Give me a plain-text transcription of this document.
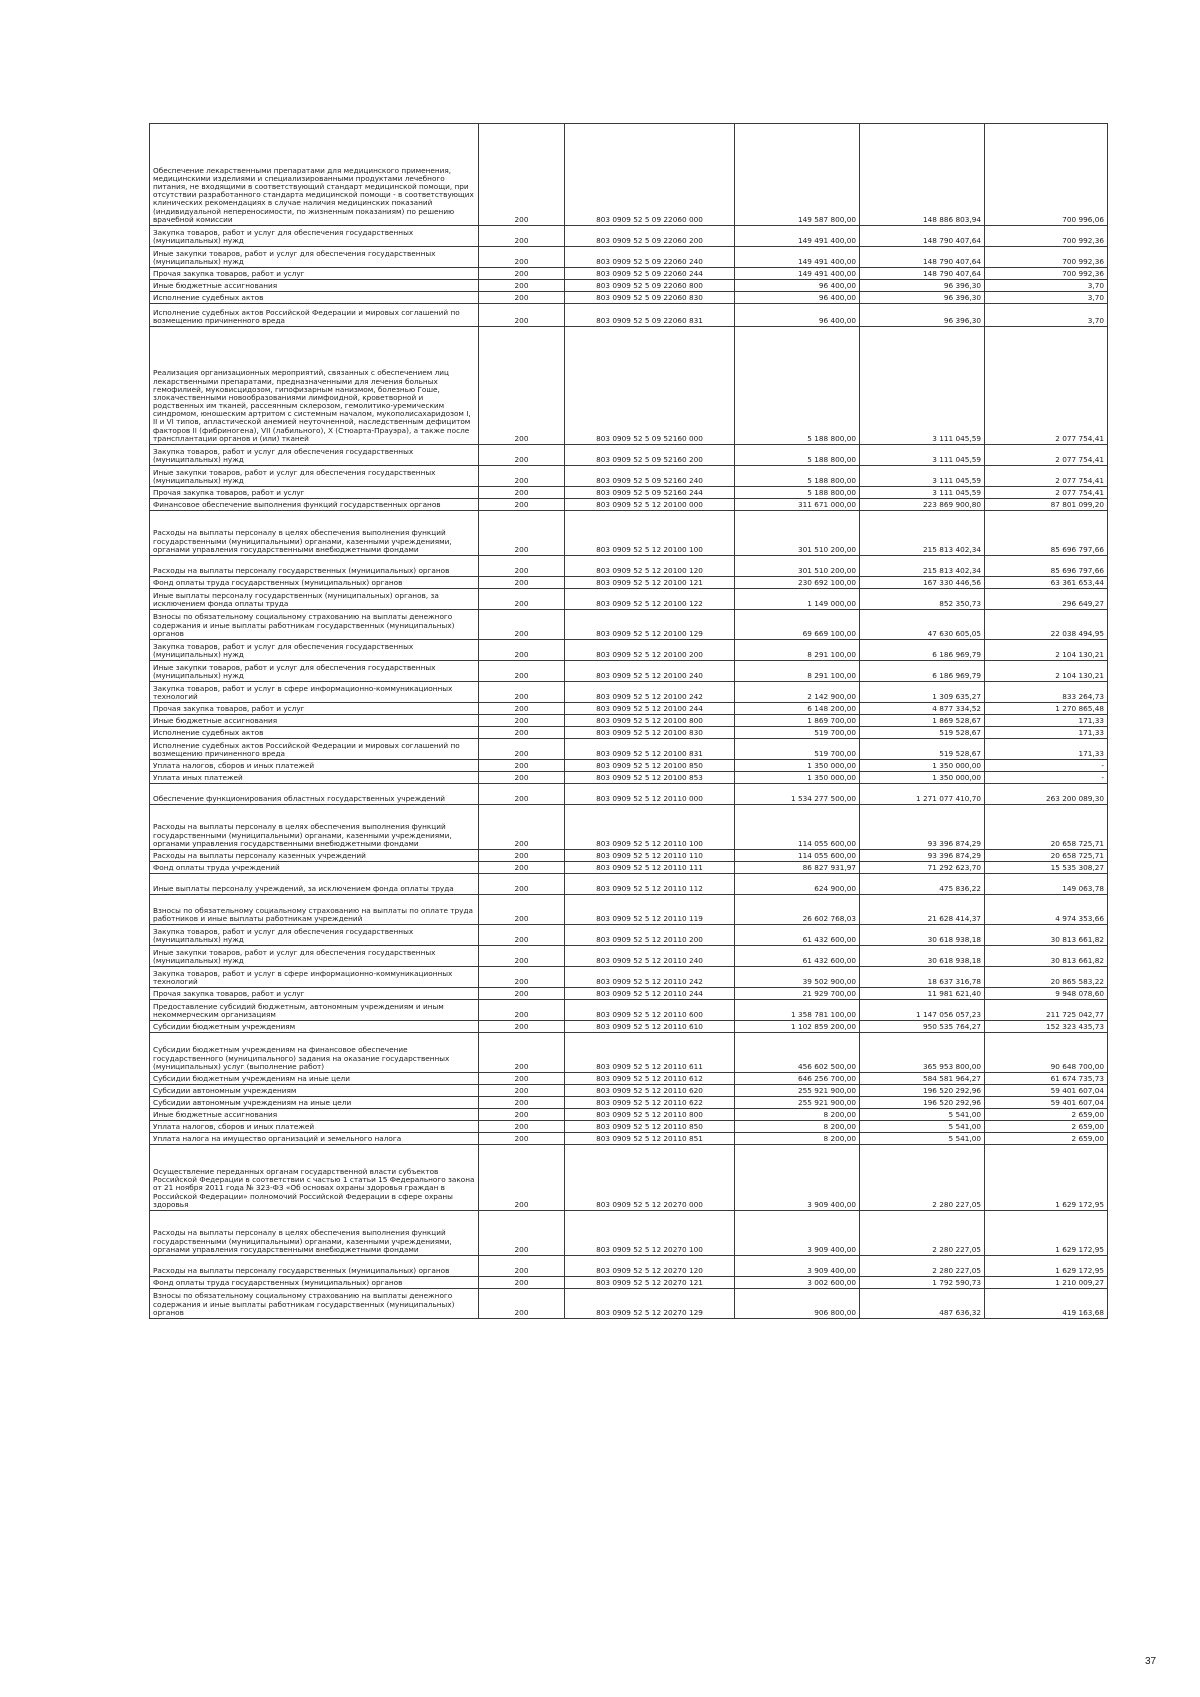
Обеспечение лекарственными препаратами для медицинского применения, медицинскими изделиями и специализированными продуктами лечебного питания, не входящими в соответствующий стандарт медицинской помощи, при отсутствии разработанного стандарта медицинской помощи - в соответствующих клинических рекомендациях в случае наличия медицинских показаний (индивидуальной непереносимости, по жизненным показаниям) по решению врачебной комиссии	200	803 0909 52 5 09 22060 000	149 587 800,00	148 886 803,94	700 996,06
Закупка товаров, работ и услуг для обеспечения государственных (муниципальных) нужд	200	803 0909 52 5 09 22060 200	149 491 400,00	148 790 407,64	700 992,36
Иные закупки товаров, работ и услуг для обеспечения государственных (муниципальных) нужд	200	803 0909 52 5 09 22060 240	149 491 400,00	148 790 407,64	700 992,36
Прочая закупка товаров, работ и услуг	200	803 0909 52 5 09 22060 244	149 491 400,00	148 790 407,64	700 992,36
Иные бюджетные ассигнования	200	803 0909 52 5 09 22060 800	96 400,00	96 396,30	3,70
Исполнение судебных актов	200	803 0909 52 5 09 22060 830	96 400,00	96 396,30	3,70
Исполнение судебных актов Российской Федерации и мировых соглашений по возмещению причиненного вреда	200	803 0909 52 5 09 22060 831	96 400,00	96 396,30	3,70
Реализация организационных мероприятий, связанных с обеспечением лиц лекарственными препаратами, предназначенными для лечения больных гемофилией, муковисцидозом, гипофизарным нанизмом, болезнью Гоше, злокачественными новообразованиями лимфоидной, кроветворной и родственных им тканей, рассеянным склерозом, гемолитико-уремическим синдромом, юношеским артритом с системным началом, мукополисахаридозом I, II и VI типов, апластической анемией неуточненной, наследственным дефицитом факторов II (фибриногена), VII (лабильного), X (Стюарта-Прауэра), а также после трансплантации органов и (или) тканей	200	803 0909 52 5 09 52160 000	5 188 800,00	3 111 045,59	2 077 754,41
Закупка товаров, работ и услуг для обеспечения государственных (муниципальных) нужд	200	803 0909 52 5 09 52160 200	5 188 800,00	3 111 045,59	2 077 754,41
Иные закупки товаров, работ и услуг для обеспечения государственных (муниципальных) нужд	200	803 0909 52 5 09 52160 240	5 188 800,00	3 111 045,59	2 077 754,41
Прочая закупка товаров, работ и услуг	200	803 0909 52 5 09 52160 244	5 188 800,00	3 111 045,59	2 077 754,41
Финансовое обеспечение выполнения функций государственных органов	200	803 0909 52 5 12 20100 000	311 671 000,00	223 869 900,80	87 801 099,20
Расходы на выплаты персоналу в целях обеспечения выполнения функций государственными (муниципальными) органами, казенными учреждениями, органами управления государственными внебюджетными фондами	200	803 0909 52 5 12 20100 100	301 510 200,00	215 813 402,34	85 696 797,66
Расходы на выплаты персоналу государственных (муниципальных) органов	200	803 0909 52 5 12 20100 120	301 510 200,00	215 813 402,34	85 696 797,66
Фонд оплаты труда государственных (муниципальных) органов	200	803 0909 52 5 12 20100 121	230 692 100,00	167 330 446,56	63 361 653,44
Иные выплаты персоналу государственных (муниципальных) органов, за исключением фонда оплаты труда	200	803 0909 52 5 12 20100 122	1 149 000,00	852 350,73	296 649,27
Взносы по обязательному социальному страхованию на выплаты денежного содержания и иные выплаты работникам государственных (муниципальных) органов	200	803 0909 52 5 12 20100 129	69 669 100,00	47 630 605,05	22 038 494,95
Закупка товаров, работ и услуг для обеспечения государственных (муниципальных) нужд	200	803 0909 52 5 12 20100 200	8 291 100,00	6 186 969,79	2 104 130,21
Иные закупки товаров, работ и услуг для обеспечения государственных (муниципальных) нужд	200	803 0909 52 5 12 20100 240	8 291 100,00	6 186 969,79	2 104 130,21
Закупка товаров, работ и услуг в сфере информационно-коммуникационных технологий	200	803 0909 52 5 12 20100 242	2 142 900,00	1 309 635,27	833 264,73
Прочая закупка товаров, работ и услуг	200	803 0909 52 5 12 20100 244	6 148 200,00	4 877 334,52	1 270 865,48
Иные бюджетные ассигнования	200	803 0909 52 5 12 20100 800	1 869 700,00	1 869 528,67	171,33
Исполнение судебных актов	200	803 0909 52 5 12 20100 830	519 700,00	519 528,67	171,33
Исполнение судебных актов Российской Федерации и мировых соглашений по возмещению причиненного вреда	200	803 0909 52 5 12 20100 831	519 700,00	519 528,67	171,33
Уплата налогов, сборов и иных платежей	200	803 0909 52 5 12 20100 850	1 350 000,00	1 350 000,00	-
Уплата иных платежей	200	803 0909 52 5 12 20100 853	1 350 000,00	1 350 000,00	-
Обеспечение функционирования областных государственных учреждений	200	803 0909 52 5 12 20110 000	1 534 277 500,00	1 271 077 410,70	263 200 089,30
Расходы на выплаты персоналу в целях обеспечения выполнения функций государственными (муниципальными) органами, казенными учреждениями, органами управления государственными внебюджетными фондами	200	803 0909 52 5 12 20110 100	114 055 600,00	93 396 874,29	20 658 725,71
Расходы на выплаты персоналу казенных учреждений	200	803 0909 52 5 12 20110 110	114 055 600,00	93 396 874,29	20 658 725,71
Фонд оплаты труда учреждений	200	803 0909 52 5 12 20110 111	86 827 931,97	71 292 623,70	15 535 308,27
Иные выплаты персоналу учреждений, за исключением фонда оплаты труда	200	803 0909 52 5 12 20110 112	624 900,00	475 836,22	149 063,78
Взносы по обязательному социальному страхованию на выплаты по оплате труда работников и иные выплаты работникам учреждений	200	803 0909 52 5 12 20110 119	26 602 768,03	21 628 414,37	4 974 353,66
Закупка товаров, работ и услуг для обеспечения государственных (муниципальных) нужд	200	803 0909 52 5 12 20110 200	61 432 600,00	30 618 938,18	30 813 661,82
Иные закупки товаров, работ и услуг для обеспечения государственных (муниципальных) нужд	200	803 0909 52 5 12 20110 240	61 432 600,00	30 618 938,18	30 813 661,82
Закупка товаров, работ и услуг в сфере информационно-коммуникационных технологий	200	803 0909 52 5 12 20110 242	39 502 900,00	18 637 316,78	20 865 583,22
Прочая закупка товаров, работ и услуг	200	803 0909 52 5 12 20110 244	21 929 700,00	11 981 621,40	9 948 078,60
Предоставление субсидий бюджетным, автономным учреждениям и иным некоммерческим организациям	200	803 0909 52 5 12 20110 600	1 358 781 100,00	1 147 056 057,23	211 725 042,77
Субсидии бюджетным учреждениям	200	803 0909 52 5 12 20110 610	1 102 859 200,00	950 535 764,27	152 323 435,73
Субсидии бюджетным учреждениям на финансовое обеспечение государственного (муниципального) задания на оказание государственных (муниципальных) услуг (выполнение работ)	200	803 0909 52 5 12 20110 611	456 602 500,00	365 953 800,00	90 648 700,00
Субсидии бюджетным учреждениям на иные цели	200	803 0909 52 5 12 20110 612	646 256 700,00	584 581 964,27	61 674 735,73
Субсидии автономным учреждениям	200	803 0909 52 5 12 20110 620	255 921 900,00	196 520 292,96	59 401 607,04
Субсидии автономным учреждениям на иные цели	200	803 0909 52 5 12 20110 622	255 921 900,00	196 520 292,96	59 401 607,04
Иные бюджетные ассигнования	200	803 0909 52 5 12 20110 800	8 200,00	5 541,00	2 659,00
Уплата налогов, сборов и иных платежей	200	803 0909 52 5 12 20110 850	8 200,00	5 541,00	2 659,00
Уплата налога на имущество организаций и земельного налога	200	803 0909 52 5 12 20110 851	8 200,00	5 541,00	2 659,00
Осуществление переданных органам государственной власти субъектов Российской Федерации в соответствии с частью 1 статьи 15 Федерального закона от 21 ноября 2011 года № 323-ФЗ «Об основах охраны здоровья граждан в Российской Федерации» полномочий Российской Федерации в сфере охраны здоровья	200	803 0909 52 5 12 20270 000	3 909 400,00	2 280 227,05	1 629 172,95
Расходы на выплаты персоналу в целях обеспечения выполнения функций государственными (муниципальными) органами, казенными учреждениями, органами управления государственными внебюджетными фондами	200	803 0909 52 5 12 20270 100	3 909 400,00	2 280 227,05	1 629 172,95
Расходы на выплаты персоналу государственных (муниципальных) органов	200	803 0909 52 5 12 20270 120	3 909 400,00	2 280 227,05	1 629 172,95
Фонд оплаты труда государственных (муниципальных) органов	200	803 0909 52 5 12 20270 121	3 002 600,00	1 792 590,73	1 210 009,27
Взносы по обязательному социальному страхованию на выплаты денежного содержания и иные выплаты работникам государственных (муниципальных) органов	200	803 0909 52 5 12 20270 129	906 800,00	487 636,32	419 163,68
37
